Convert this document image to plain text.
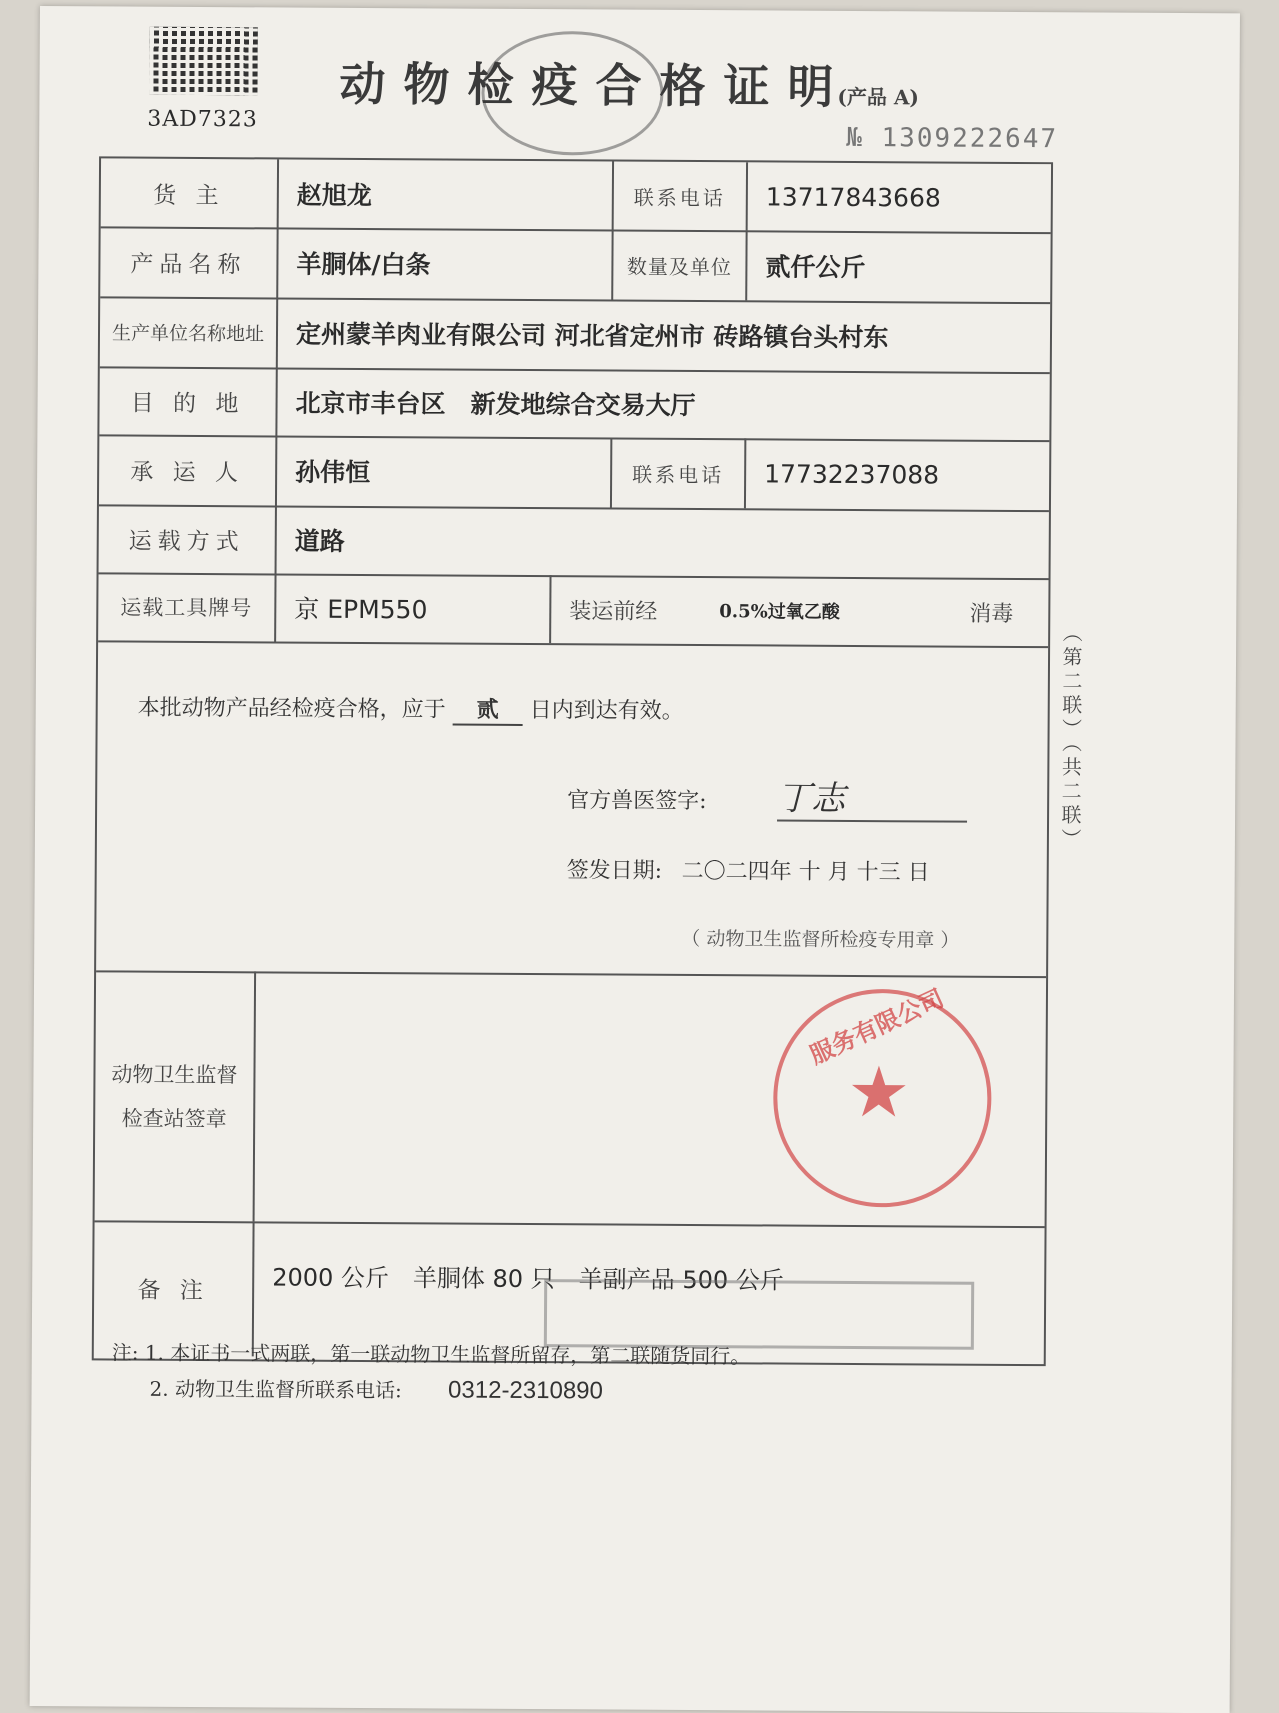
3AD7323
动物检疫合格证明
(产品 A)
№ 1309222647
货 主	赵旭龙	联系电话	13717843668
产品名称	羊胴体/白条	数量及单位	贰仟公斤
生产单位名称地址	定州蒙羊肉业有限公司 河北省定州市 砖路镇台头村东
目 的 地	北京市丰台区　新发地综合交易大厅
承 运 人	孙伟恒	联系电话	17732237088
运载方式	道路
运载工具牌号	京 EPM550	装运前经	0.5%过氧乙酸	消毒
本批动物产品经检疫合格，应于 贰 日内到达有效。
官方兽医签字: 丁志
签发日期: 二〇二四年 十 月 十三 日
（ 动物卫生监督所检疫专用章 ）
动物卫生监督
检查站签章
备 注	2000 公斤　羊胴体 80 只　羊副产品 500 公斤
服务有限公司
★
（第二联）（共二联）
注: 1. 本证书一式两联，第一联动物卫生监督所留存，第二联随货同行。
2. 动物卫生监督所联系电话: 0312-2310890
